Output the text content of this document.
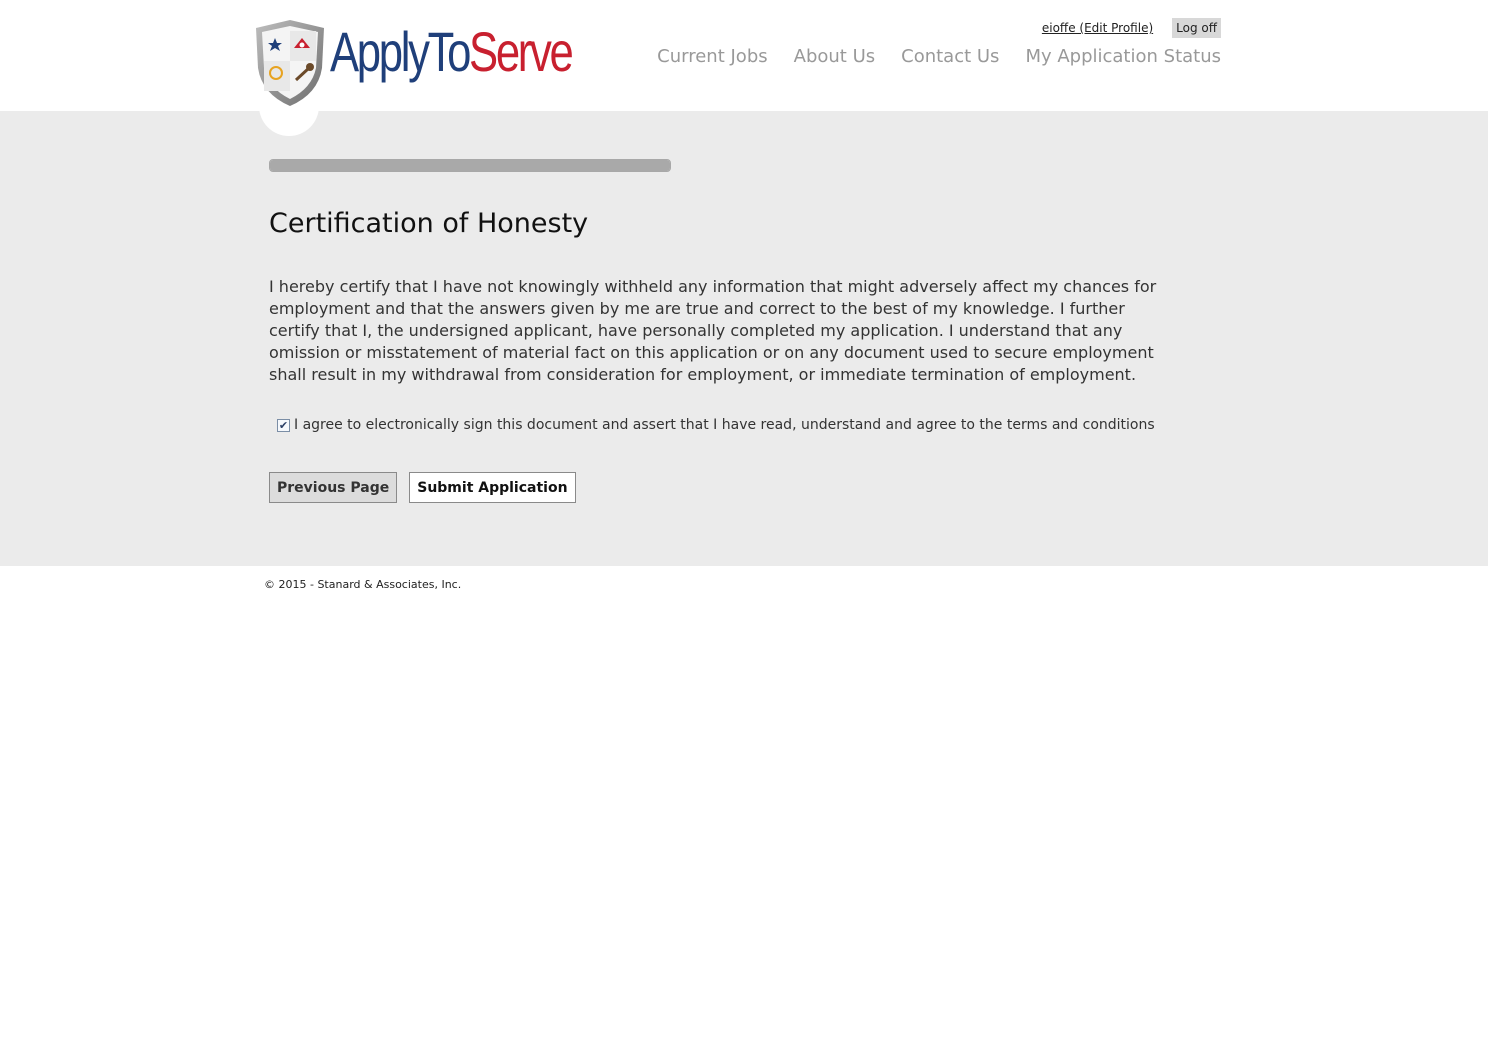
ApplyToServe	eioffe (Edit Profile)	Log off
Current Jobs About Us Contact Us My Application Status
Certification of Honesty

I hereby certify that I have not knowingly withheld any information that might adversely affect my chances for employment and that the answers given by me are true and correct to the best of my knowledge. I further certify that I, the undersigned applicant, have personally completed my application. I understand that any omission or misstatement of material fact on this application or on any document used to secure employment shall result in my withdrawal from consideration for employment, or immediate termination of employment.

✔ I agree to electronically sign this document and assert that I have read, understand and agree to the terms and conditions
Previous Page	Submit Application
© 2015 - Stanard & Associates, Inc.
